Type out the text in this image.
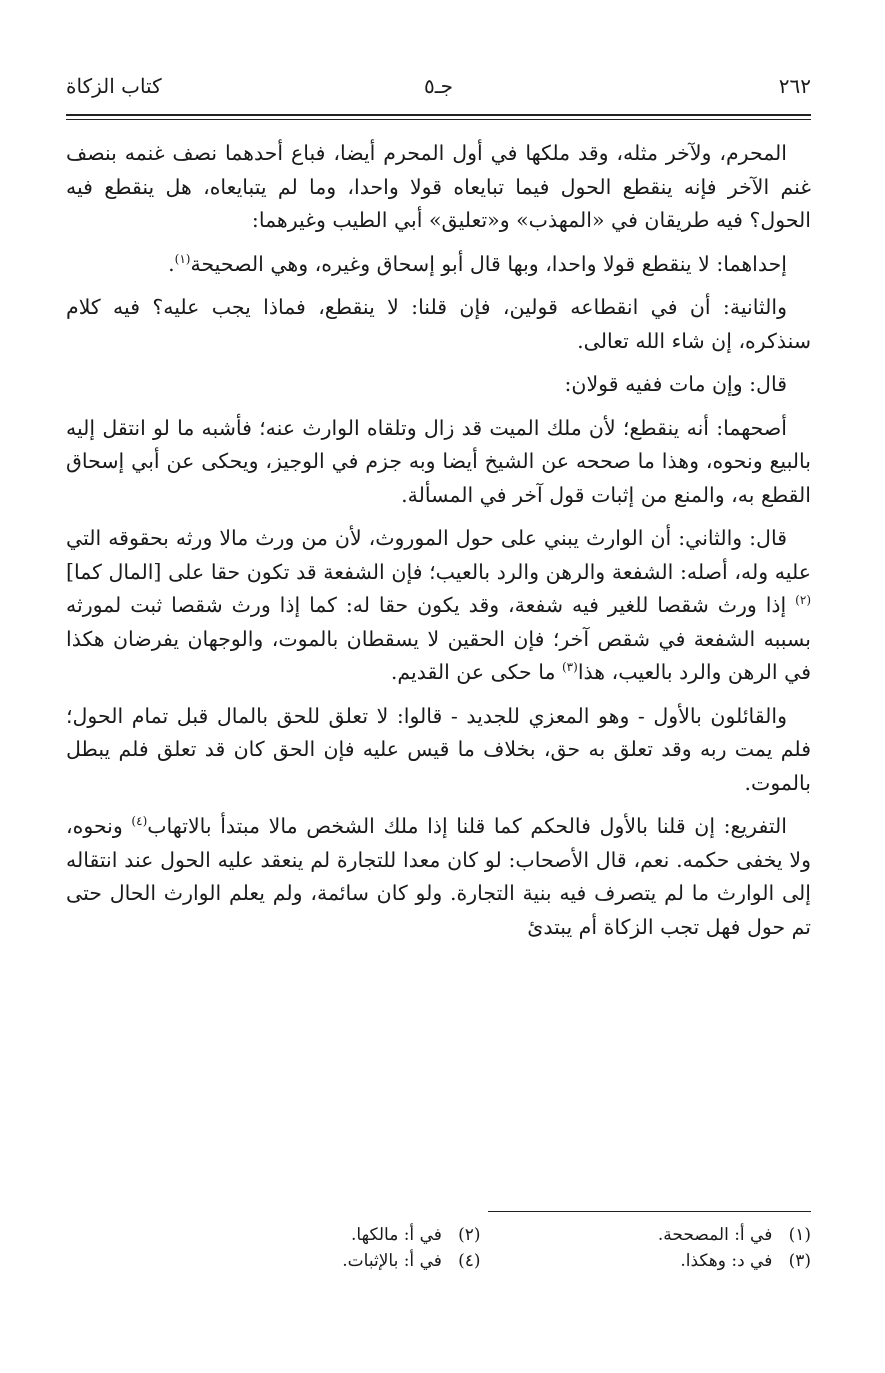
٢٦٢
جـ٥
كتاب الزكاة

المحرم، ولآخر مثله، وقد ملكها في أول المحرم أيضا، فباع أحدهما نصف غنمه بنصف غنم الآخر فإنه ينقطع الحول فيما تبايعاه قولا واحدا، وما لم يتبايعاه، هل ينقطع فيه الحول؟ فيه طريقان في «المهذب» و«تعليق» أبي الطيب وغيرهما:

إحداهما: لا ينقطع قولا واحدا، وبها قال أبو إسحاق وغيره، وهي الصحيحة$^{(١)}$.

والثانية: أن في انقطاعه قولين، فإن قلنا: لا ينقطع، فماذا يجب عليه؟ فيه كلام سنذكره، إن شاء الله تعالى.

قال: وإن مات ففيه قولان:

أصحهما: أنه ينقطع؛ لأن ملك الميت قد زال وتلقاه الوارث عنه؛ فأشبه ما لو انتقل إليه بالبيع ونحوه، وهذا ما صححه عن الشيخ أيضا وبه جزم في الوجيز، ويحكى عن أبي إسحاق القطع به، والمنع من إثبات قول آخر في المسألة.

قال: والثاني: أن الوارث يبني على حول الموروث، لأن من ورث مالا ورثه بحقوقه التي عليه وله، أصله: الشفعة والرهن والرد بالعيب؛ فإن الشفعة قد تكون حقا على [المال كما]$^{(٢)}$ إذا ورث شقصا للغير فيه شفعة، وقد يكون حقا له: كما إذا ورث شقصا ثبت لمورثه بسببه الشفعة في شقص آخر؛ فإن الحقين لا يسقطان بالموت، والوجهان يفرضان هكذا في الرهن والرد بالعيب، هذا$^{(٣)}$ ما حكى عن القديم.

والقائلون بالأول - وهو المعزي للجديد - قالوا: لا تعلق للحق بالمال قبل تمام الحول؛ فلم يمت ربه وقد تعلق به حق، بخلاف ما قيس عليه فإن الحق كان قد تعلق فلم يبطل بالموت.

التفريع: إن قلنا بالأول فالحكم كما قلنا إذا ملك الشخص مالا مبتدأ بالاتهاب$^{(٤)}$ ونحوه، ولا يخفى حكمه. نعم، قال الأصحاب: لو كان معدا للتجارة لم ينعقد عليه الحول عند انتقاله إلى الوارث ما لم يتصرف فيه بنية التجارة. ولو كان سائمة، ولم يعلم الوارث الحال حتى تم حول فهل تجب الزكاة أم يبتدئ

(١)   في أ: المصححة.
(٢)   في أ: مالكها.
(٣)   في د: وهكذا.
(٤)   في أ: بالإثبات.
